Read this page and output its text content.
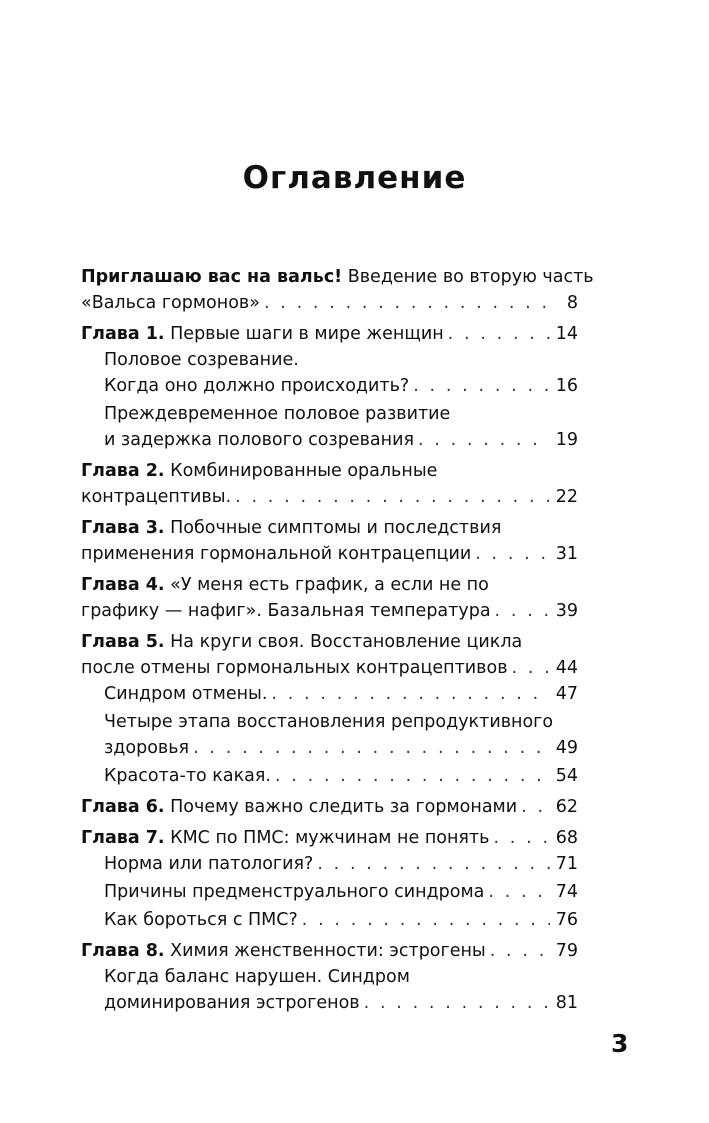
Оглавление
Приглашаю вас на вальс! Введение во вторую часть
«Вальса гормонов» . . .	8
Глава 1. Первые шаги в мире женщин . . .	14
Половое созревание.
Когда оно должно происходить? . . .	16
Преждевременное половое развитие
и задержка полового созревания . . .	19
Глава 2. Комбинированные оральные
контрацептивы. . . .	22
Глава 3. Побочные симптомы и последствия
применения гормональной контрацепции . . .	31
Глава 4. «У меня есть график, а если не по
графику — нафиг». Базальная температура . . .	39
Глава 5. На круги своя. Восстановление цикла
после отмены гормональных контрацептивов . . .	44
Синдром отмены. . . .	47
Четыре этапа восстановления репродуктивного
здоровья . . .	49
Красота-то какая. . . .	54
Глава 6. Почему важно следить за гормонами . . . 62
Глава 7. КМС по ПМС: мужчинам не понять . . .	68
Норма или патология? . . .	71
Причины предменструального синдрома . . .	74
Как бороться с ПМС? . . .	76
Глава 8. Химия женственности: эстрогены . . .	79
Когда баланс нарушен. Синдром
доминирования эстрогенов . . .	81
3
